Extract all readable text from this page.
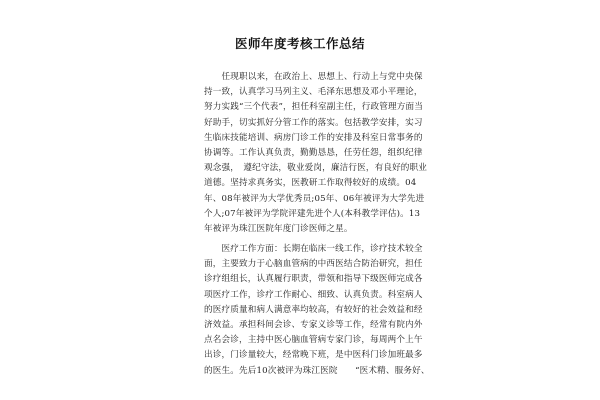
医师年度考核工作总结
　　任现职以来，在政治上、思想上、行动上与党中央保
持一致，认真学习马列主义、毛泽东思想及邓小平理论，
努力实践“三个代表”，担任科室副主任，行政管理方面当
好助手，切实抓好分管工作的落实。包括教学安排，实习
生临床技能培训、病房门诊工作的安排及科室日常事务的
协调等。工作认真负责，勤勤恳恳，任劳任怨，组织纪律
观念强，　遵纪守法，敬业爱岗，廉洁行医，有良好的职业
道德。坚持求真务实，医教研工作取得较好的成绩。04
年、08年被评为大学优秀员;05年、06年被评为大学先进
个人;07年被评为学院评建先进个人(本科教学评估)。13
年被评为珠江医院年度门诊医师之星。
　　医疗工作方面：长期在临床一线工作，诊疗技术较全
面，主要致力于心脑血管病的中西医结合防治研究，担任
诊疗组组长，认真履行职责，带领和指导下级医师完成各
项医疗工作，诊疗工作耐心、细致、认真负责。科室病人
的医疗质量和病人满意率均较高，有较好的社会效益和经
济效益。承担科间会诊、专家义诊等工作，经常有院内外
点名会诊，主持中医心脑血管病专家门诊，每周两个上午
出诊，门诊量较大，经常晚下班，是中医科门诊加班最多
的医生。先后10次被评为珠江医院　　“医术精、服务好、
